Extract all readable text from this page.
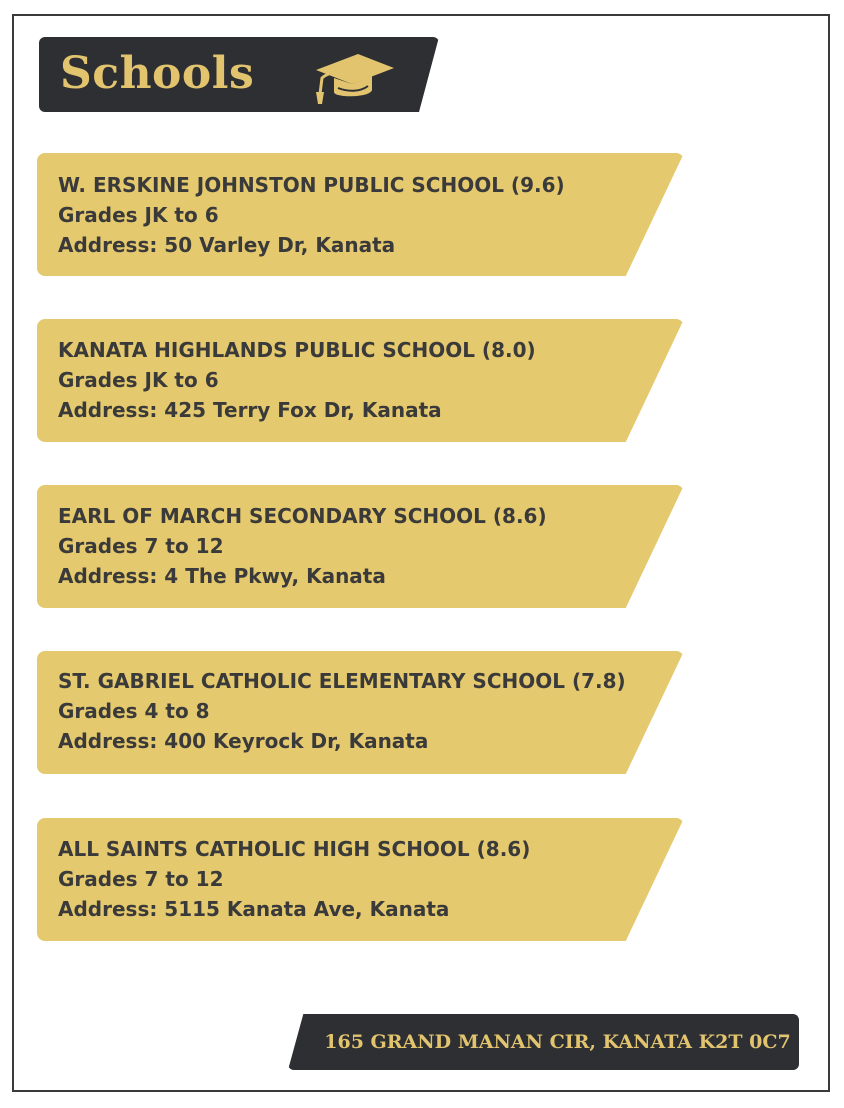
Schools
W. ERSKINE JOHNSTON PUBLIC SCHOOL (9.6)
Grades JK to 6
Address: 50 Varley Dr, Kanata
KANATA HIGHLANDS PUBLIC SCHOOL (8.0)
Grades JK to 6
Address: 425 Terry Fox Dr, Kanata
EARL OF MARCH SECONDARY SCHOOL (8.6)
Grades 7 to 12
Address: 4 The Pkwy, Kanata
ST. GABRIEL CATHOLIC ELEMENTARY SCHOOL (7.8)
Grades 4 to 8
Address: 400 Keyrock Dr, Kanata
ALL SAINTS CATHOLIC HIGH SCHOOL (8.6)
Grades 7 to 12
Address: 5115 Kanata Ave, Kanata
165 GRAND MANAN CIR, KANATA K2T 0C7
